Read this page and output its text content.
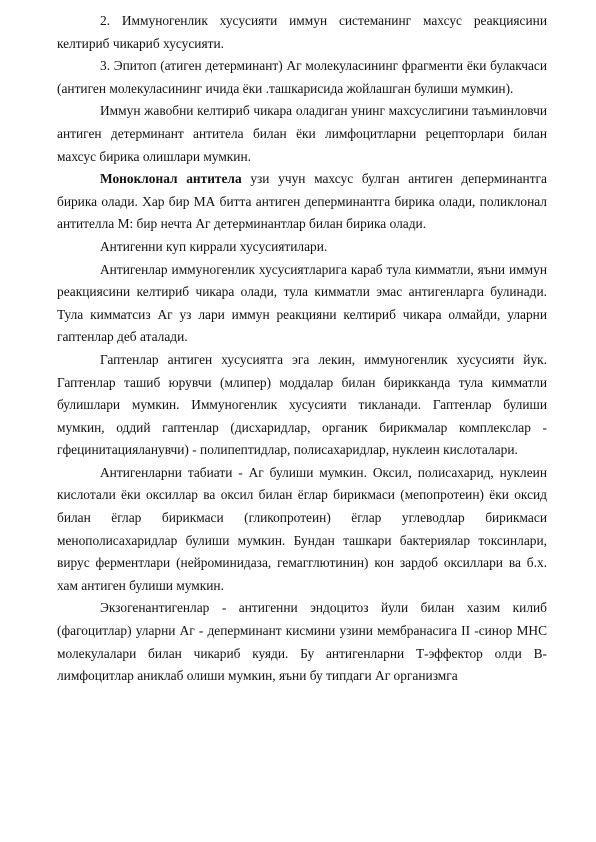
2. Иммуногенлик хусусияти иммун системанинг махсус реакциясини келтириб чикариб хусусияти.

3. Эпитоп (атиген детерминант) Аг молекуласининг фрагменти ёки булакчаси (антиген молекуласининг ичида ёки .ташкарисида жойлашган булиши мумкин).

Иммун жавобни келтириб чикара оладиган унинг махсуслигини таъминловчи антиген детерминант антитела билан ёки лимфоцитларни рецепторлари билан махсус бирика олишлари мумкин.

Моноклонал антитела узи учун махсус булган антиген деперминантга бирика олади. Хар бир МА битта антиген деперминантга бирика олади, поликлонал антителла М: бир нечта Аг детерминантлар билан бирика олади.

Антигенни куп киррали хусусиятилари.

Антигенлар иммуногенлик хусусиятларига караб тула кимматли, яъни иммун реакциясини келтириб чикара олади, тула кимматли эмас антигенларга булинади. Тула кимматсиз Аг уз лари иммун реакцияни келтириб чикара олмайди, уларни гаптенлар деб аталади.

Гаптенлар антиген хусусиятга эга лекин, иммуногенлик хусусияти йук. Гаптенлар ташиб юрувчи (млипер) моддалар билан бирикканда тула кимматли булишлари мумкин. Иммуногенлик хусусияти тикланади. Гаптенлар булиши мумкин, оддий гаптенлар (дисхаридлар, органик бирикмалар комплекслар - гфецинитацияланувчи) - полипептидлар, полисахаридлар, нуклеин кислоталари.

Антигенларни табиати - Аг булиши мумкин. Оксил, полисахарид, нуклеин кислотали ёки оксиллар ва оксил билан ёглар бирикмаси (мепопротеин) ёки оксид билан ёглар бирикмаси (гликопротеин) ёглар углеводлар бирикмаси менополисахаридлар булиши мумкин. Бундан ташкари бактериялар токсинлари, вирус ферментлари (нейроминидаза, гемагглютинин) кон зардоб оксиллари ва б.х. хам антиген булиши мумкин.

Экзогенантигенлар - антигенни эндоцитоз йули билан хазим килиб (фагоцитлар) уларни Аг - деперминант кисмини узини мембранасига II -синор МНС молекулалари билан чикариб куяди. Бу антигенларни Т-эффектор олди В-лимфоцитлар аниклаб олиши мумкин, яъни бу типдаги Аг организмга
